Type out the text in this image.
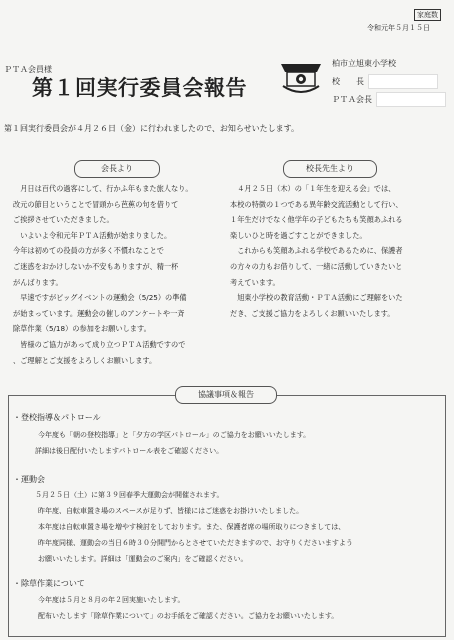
家庭数
令和元年５月１５日
ＰＴＡ会員様
第１回実行委員会報告
柏市立旭東小学校
校　　長
ＰＴＡ会長
第１回実行委員会が４月２６日（金）に行われましたので、お知らせいたします。
会長より

　月日は百代の過客にして、行かふ年もまた旅人なり。

改元の節目ということで冒頭から芭蕉の句を借りて

ご挨拶させていただきました。

　いよいよ令和元年ＰＴＡ活動が始まりました。

今年は初めての役員の方が多く不慣れなことで

ご迷惑をおかけしないか不安もありますが、精一杯

がんばります。

　早速ですがビッグイベントの運動会（5/25）の準備

が始まっています。運動会の催しのアンケートや一斉

除草作業（5/18）の参加をお願いします。

　皆様のご協力があって成り立つＰＴＡ活動ですので

、ご理解とご支援をよろしくお願いします。

校長先生より

　４月２５日（木）の「１年生を迎える会」では、

本校の特徴の１つである異年齢交流活動として行い、

１年生だけでなく他学年の子どもたちも笑顔あふれる

楽しいひと時を過ごすことができました。

　これからも笑顔あふれる学校であるために、保護者

の方々の力もお借りして、一緒に活動していきたいと

考えています。

　旭東小学校の教育活動・ＰＴＡ活動にご理解をいた

だき、ご支援ご協力をよろしくお願いいたします。

協議事項＆報告
・登校指導＆パトロール
今年度も「朝の登校指導」と「夕方の学区パトロール」のご協力をお願いいたします。
詳細は後日配付いたしますパトロール表をご確認ください。
・運動会
５月２５日（土）に第３９回春季大運動会が開催されます。
昨年度、自転車置き場のスペースが足りず、皆様にはご迷惑をお掛けいたしました。
本年度は自転車置き場を増やす検討をしております。また、保護者席の場所取りにつきましては、
昨年度同様、運動会の当日６時３０分開門からとさせていただきますので、お守りくださいますよう
お願いいたします。詳細は「運動会のご案内」をご確認ください。
・除草作業について
今年度は５月と８月の年２回実施いたします。
配布いたします「除草作業について」のお手紙をご確認ください。ご協力をお願いいたします。
